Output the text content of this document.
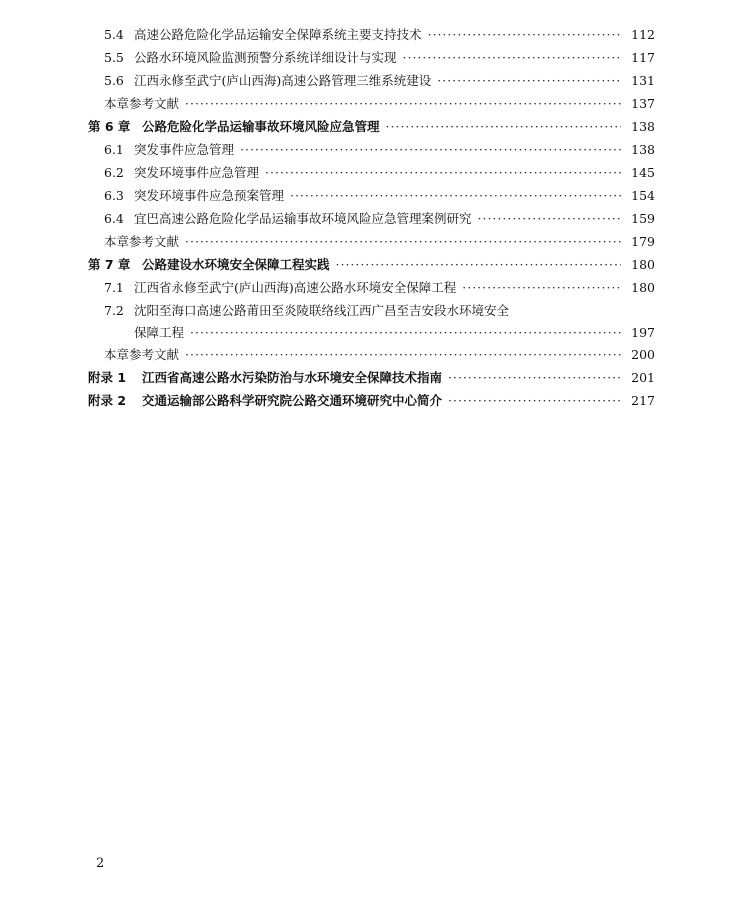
5.4 高速公路危险化学品运输安全保障系统主要支持技术 ·····	112
5.5 公路水环境风险监测预警分系统详细设计与实现 ·····	117
5.6 江西永修至武宁(庐山西海)高速公路管理三维系统建设 ·····	131
本章参考文献 ·····	137
第 6 章 公路危险化学品运输事故环境风险应急管理 ·····	138
6.1 突发事件应急管理 ·····	138
6.2 突发环境事件应急管理 ·····	145
6.3 突发环境事件应急预案管理 ·····	154
6.4 宜巴高速公路危险化学品运输事故环境风险应急管理案例研究 ·····	159
本章参考文献 ·····	179
第 7 章 公路建设水环境安全保障工程实践 ·····	180
7.1 江西省永修至武宁(庐山西海)高速公路水环境安全保障工程 ·····	180
7.2 沈阳至海口高速公路莆田至炎陵联络线江西广昌至吉安段水环境安全
保障工程 ·····	197
本章参考文献 ·····	200
附录 1	江西省高速公路水污染防治与水环境安全保障技术指南 ·····	201
附录 2	交通运输部公路科学研究院公路交通环境研究中心简介 ·····	217
2
